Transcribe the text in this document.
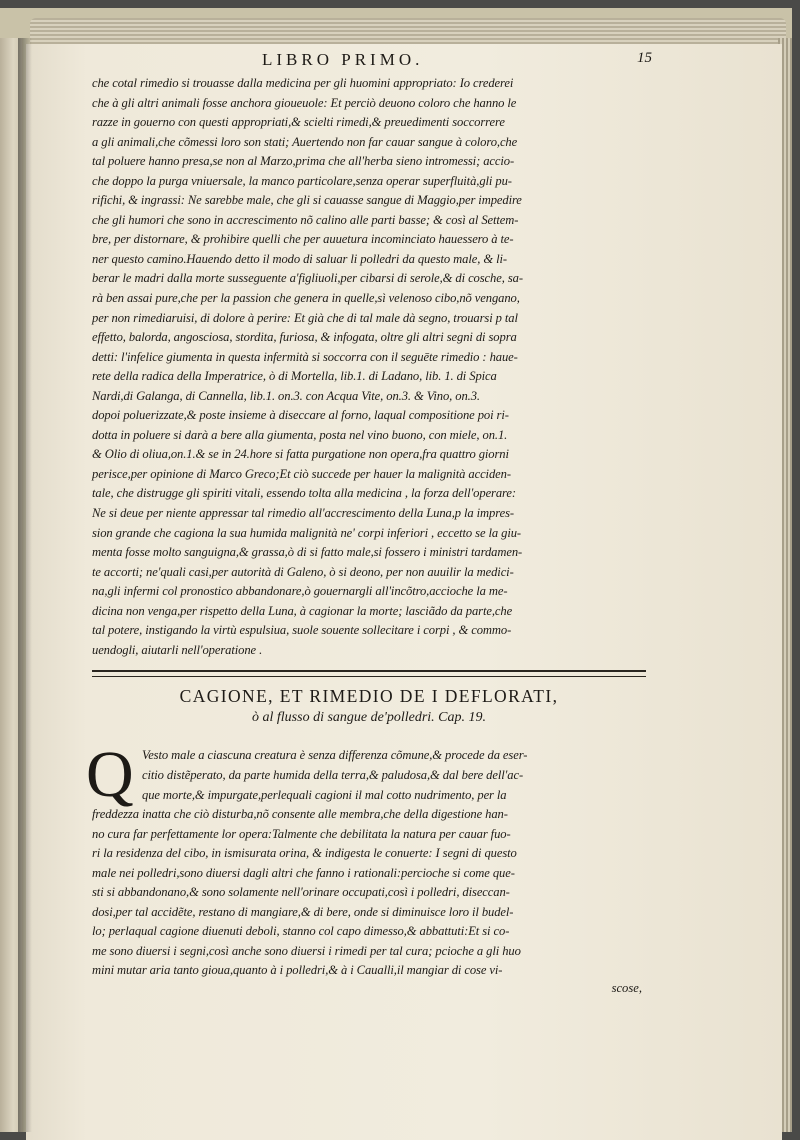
LIBRO PRIMO.	15
che cotal rimedio si trouasse dalla medicina per gli huomini appropriato: Io crederei
che à gli altri animali fosse anchora gioueuole: Et perciò deuono coloro che hanno le
razze in gouerno con questi appropriati,& scielti rimedi,& preuedimenti soccorrere
a gli animali,che cõmessi loro son stati; Auertendo non far cauar sangue à coloro,che
tal poluere hanno presa,se non al Marzo,prima che all'herba sieno intromessi; accio-
che doppo la purga vniuersale, la manco particolare,senza operar superfluità,gli pu-
rifichi, & ingrassi: Ne sarebbe male, che gli si cauasse sangue di Maggio,per impedire
che gli humori che sono in accrescimento nõ calino alle parti basse; & così al Settem-
bre, per distornare, & prohibire quelli che per auuetura incominciato hauessero à te-
ner questo camino.Hauendo detto il modo di saluar li polledri da questo male, & li-
berar le madri dalla morte susseguente a'figliuoli,per cibarsi di serole,& di cosche, sa-
rà ben assai pure,che per la passion che genera in quelle,sì velenoso cibo,nõ vengano,
per non rimediaruisi, di dolore à perire: Et già che di tal male dà segno, trouarsi p tal
effetto, balorda, angosciosa, stordita, furiosa, & infogata, oltre gli altri segni di sopra
detti: l'infelice giumenta in questa infermità si soccorra con il seguēte rimedio : haue-
rete della radica della Imperatrice, ò di Mortella, lib.1. di Ladano, lib. 1. di Spica
Nardi,di Galanga, di Cannella, lib.1. on.3. con Acqua Vite, on.3. & Vino, on.3.
dopoi poluerizzate,& poste insieme à diseccare al forno, laqual compositione poi ri-
dotta in poluere si darà a bere alla giumenta, posta nel vino buono, con miele, on.1.
& Olio di oliua,on.1.& se in 24.hore si fatta purgatione non opera,fra quattro giorni
perisce,per opinione di Marco Greco;Et ciò succede per hauer la malignità acciden-
tale, che distrugge gli spiriti vitali, essendo tolta alla medicina , la forza dell'operare:
Ne si deue per niente appressar tal rimedio all'accrescimento della Luna,p la impres-
sion grande che cagiona la sua humida malignità ne' corpi inferiori , eccetto se la giu-
menta fosse molto sanguigna,& grassa,ò di si fatto male,si fossero i ministri tardamen-
te accorti; ne'quali casi,per autorità di Galeno, ò si deono, per non auuilir la medici-
na,gli infermi col pronostico abbandonare,ò gouernargli all'incõtro,accioche la me-
dicina non venga,per rispetto della Luna, à cagionar la morte; lasciãdo da parte,che
tal potere, instigando la virtù espulsiua, suole souente sollecitare i corpi , & commo-
uendogli, aiutarli nell'operatione .
CAGIONE, ET RIMEDIO DE I DEFLORATI,
ò al flusso di sangue de'polledri. Cap. 19.
Q Vesto male a ciascuna creatura è senza differenza cõmune,& procede da eser-
citio distẽperato, da parte humida della terra,& paludosa,& dal bere dell'ac-
que morte,& impurgate,perlequali cagioni il mal cotto nudrimento, per la
freddezza inatta che ciò disturba,nõ consente alle membra,che della digestione han-
no cura far perfettamente lor opera:Talmente che debilitata la natura per cauar fuo-
ri la residenza del cibo, in ismisurata orina, & indigesta le conuerte: I segni di questo
male nei polledri,sono diuersi dagli altri che fanno i rationali:percioche si come que-
sti si abbandonano,& sono solamente nell'orinare occupati,così i polledri, diseccan-
dosi,per tal accidẽte, restano di mangiare,& di bere, onde si diminuisce loro il budel-
lo; perlaqual cagione diuenuti deboli, stanno col capo dimesso,& abbattuti:Et si co-
me sono diuersi i segni,così anche sono diuersi i rimedi per tal cura; pcioche a gli huo
mini mutar aria tanto gioua,quanto à i polledri,& à i Caualli,il mangiar di cose vi-
scose,
